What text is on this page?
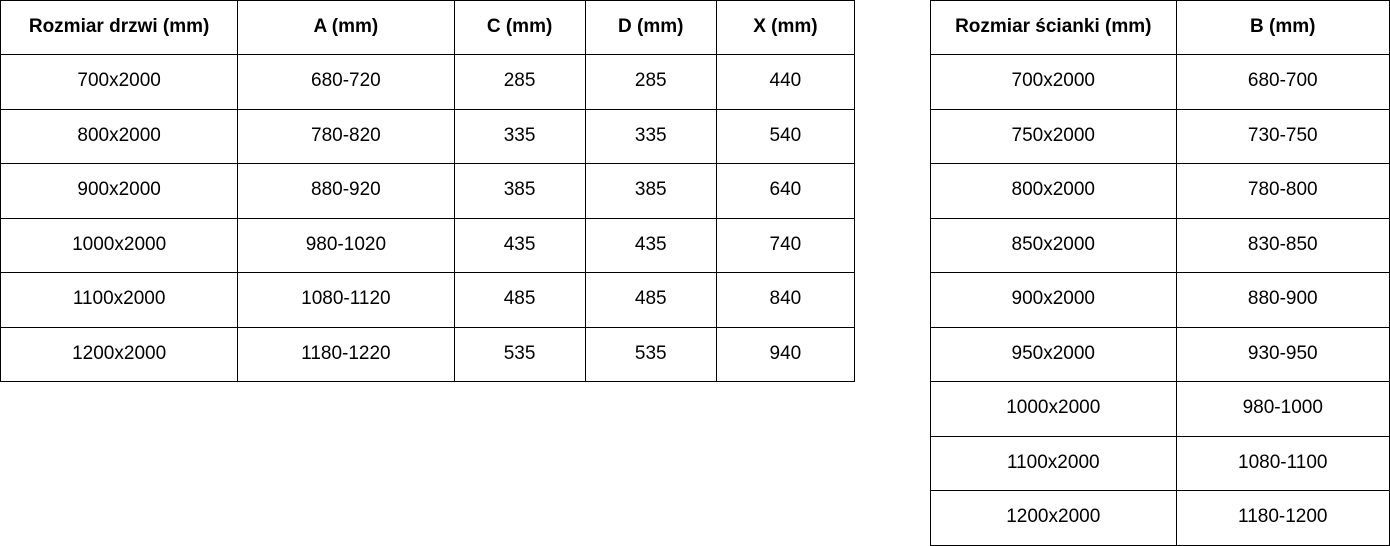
Rozmiar drzwi (mm)	A (mm)	C (mm)	D (mm)	X (mm)
700x2000	680-720	285	285	440
800x2000	780-820	335	335	540
900x2000	880-920	385	385	640
1000x2000	980-1020	435	435	740
1100x2000	1080-1120	485	485	840
1200x2000	1180-1220	535	535	940
Rozmiar ścianki (mm)	B (mm)
700x2000	680-700
750x2000	730-750
800x2000	780-800
850x2000	830-850
900x2000	880-900
950x2000	930-950
1000x2000	980-1000
1100x2000	1080-1100
1200x2000	1180-1200
